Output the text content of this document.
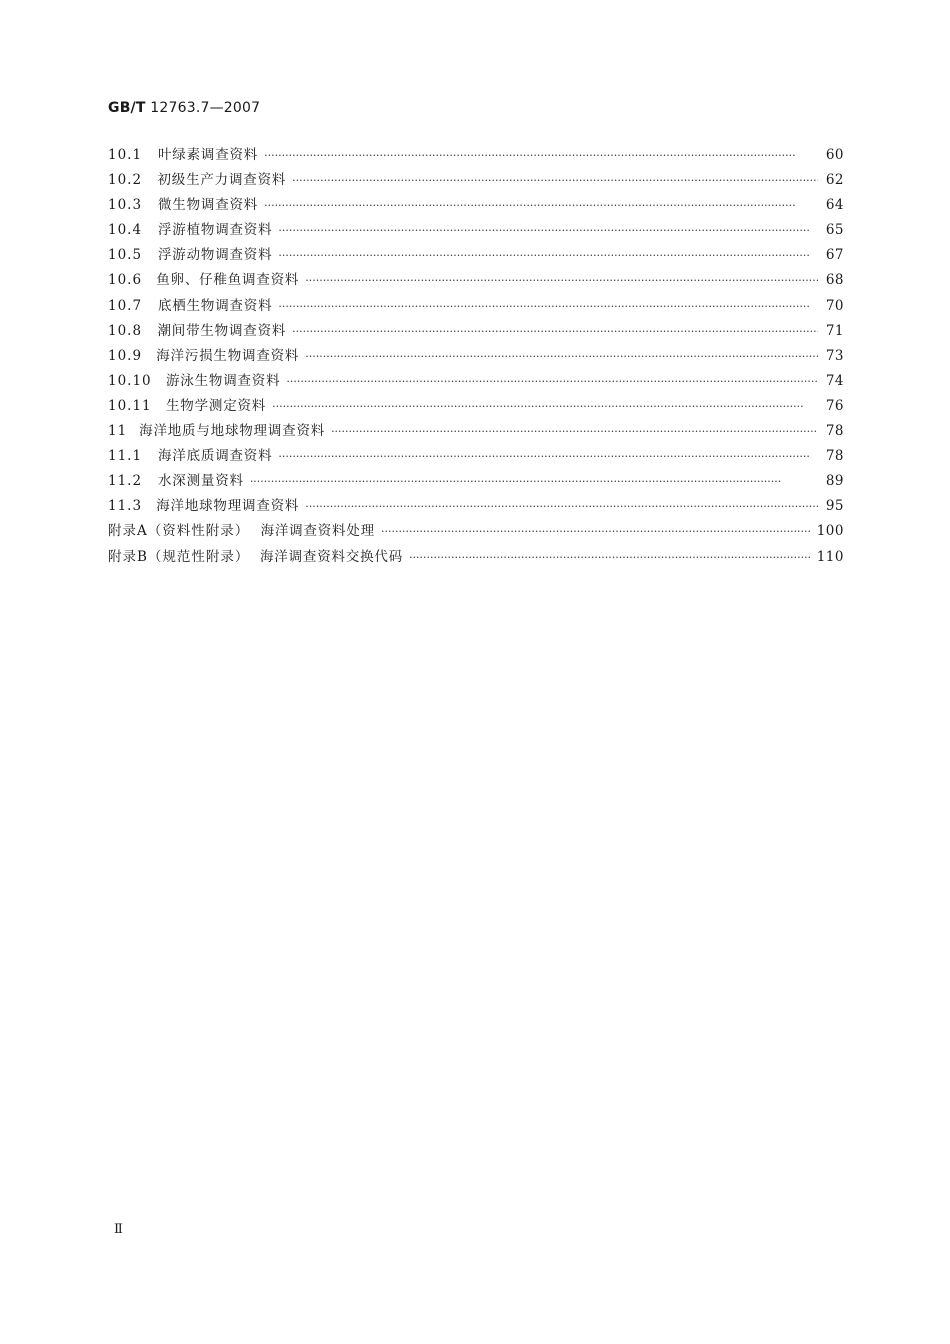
GB/T 12763.7—2007
10.1	叶绿素调查资料 ·····	60
10.2	初级生产力调查资料 ·····	62
10.3	微生物调查资料 ·····	64
10.4	浮游植物调查资料 ·····	65
10.5	浮游动物调查资料 ·····	67
10.6	鱼卵、仔稚鱼调查资料 ·····	68
10.7	底栖生物调查资料 ·····	70
10.8	潮间带生物调查资料 ·····	71
10.9	海洋污损生物调查资料 ·····	73
10.10	游泳生物调查资料 ·····	74
10.11	生物学测定资料 ·····	76
11 海洋地质与地球物理调查资料 ·····	78
11.1	海洋底质调查资料 ·····	78
11.2	水深测量资料 ·····	89
11.3	海洋地球物理调查资料 ·····	95
附录A（资料性附录） 海洋调查资料处理 ·····	100
附录B（规范性附录） 海洋调查资料交换代码 ·····	110
Ⅱ
